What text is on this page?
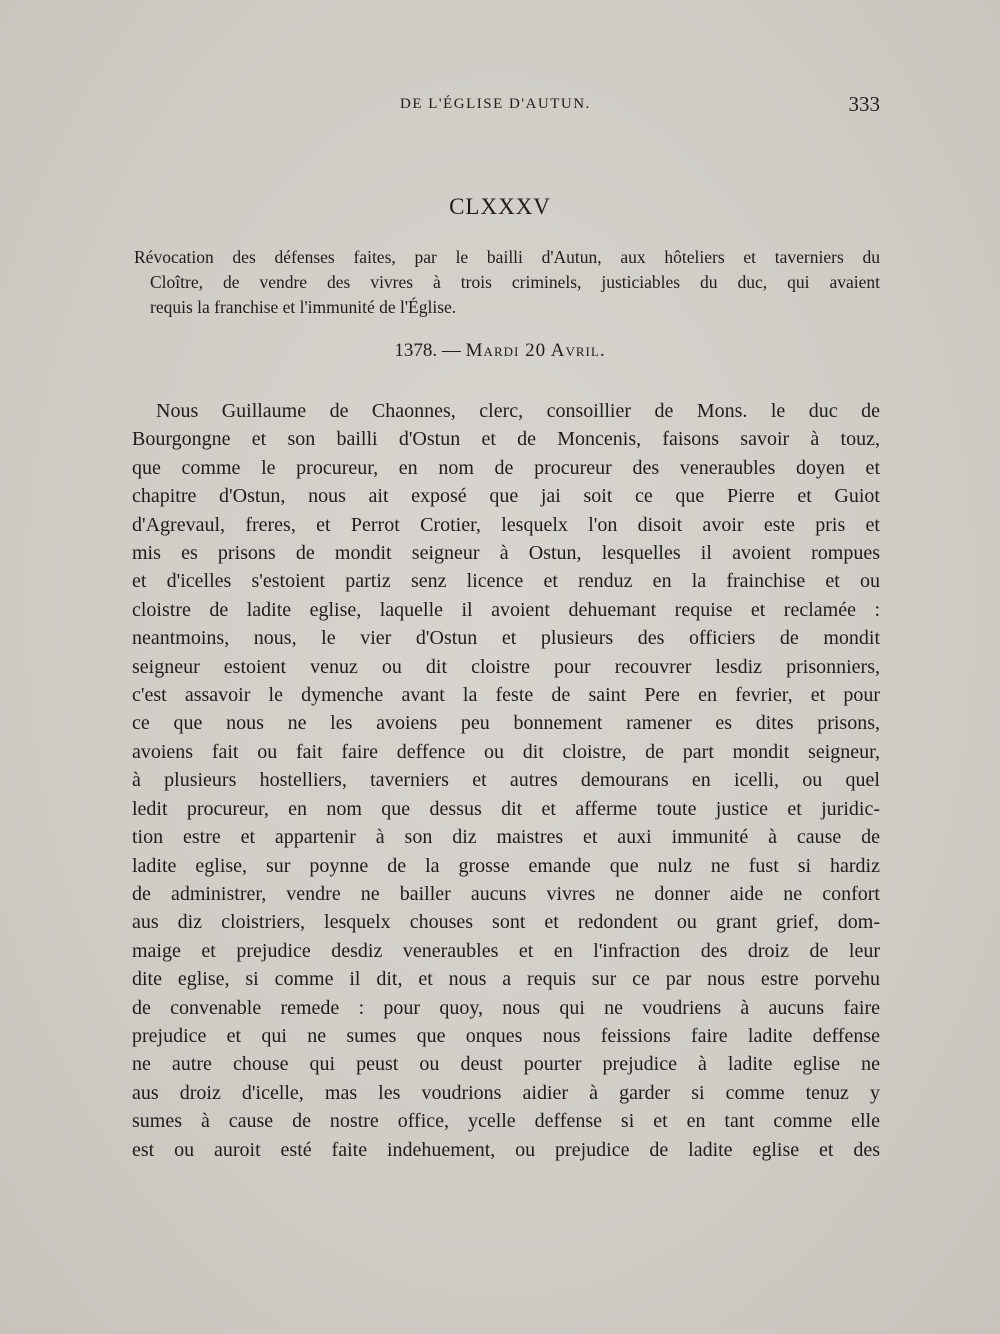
DE L'ÉGLISE D'AUTUN.	333
CLXXXV
Révocation des défenses faites, par le bailli d'Autun, aux hôteliers et taverniers du
Cloître, de vendre des vivres à trois criminels, justiciables du duc, qui avaient
requis la franchise et l'immunité de l'Église.
1378. — Mardi 20 Avril.
Nous Guillaume de Chaonnes, clerc, consoillier de Mons. le duc de
Bourgongne et son bailli d'Ostun et de Moncenis, faisons savoir à touz,
que comme le procureur, en nom de procureur des veneraubles doyen et
chapitre d'Ostun, nous ait exposé que jai soit ce que Pierre et Guiot
d'Agrevaul, freres, et Perrot Crotier, lesquelx l'on disoit avoir este pris et
mis es prisons de mondit seigneur à Ostun, lesquelles il avoient rompues
et d'icelles s'estoient partiz senz licence et renduz en la frainchise et ou
cloistre de ladite eglise, laquelle il avoient dehuemant requise et reclamée :
neantmoins, nous, le vier d'Ostun et plusieurs des officiers de mondit
seigneur estoient venuz ou dit cloistre pour recouvrer lesdiz prisonniers,
c'est assavoir le dymenche avant la feste de saint Pere en fevrier, et pour
ce que nous ne les avoiens peu bonnement ramener es dites prisons,
avoiens fait ou fait faire deffence ou dit cloistre, de part mondit seigneur,
à plusieurs hostelliers, taverniers et autres demourans en icelli, ou quel
ledit procureur, en nom que dessus dit et afferme toute justice et juridic-
tion estre et appartenir à son diz maistres et auxi immunité à cause de
ladite eglise, sur poynne de la grosse emande que nulz ne fust si hardiz
de administrer, vendre ne bailler aucuns vivres ne donner aide ne confort
aus diz cloistriers, lesquelx chouses sont et redondent ou grant grief, dom-
maige et prejudice desdiz veneraubles et en l'infraction des droiz de leur
dite eglise, si comme il dit, et nous a requis sur ce par nous estre porvehu
de convenable remede : pour quoy, nous qui ne voudriens à aucuns faire
prejudice et qui ne sumes que onques nous feissions faire ladite deffense
ne autre chouse qui peust ou deust pourter prejudice à ladite eglise ne
aus droiz d'icelle, mas les voudrions aidier à garder si comme tenuz y
sumes à cause de nostre office, ycelle deffense si et en tant comme elle
est ou auroit esté faite indehuement, ou prejudice de ladite eglise et des
